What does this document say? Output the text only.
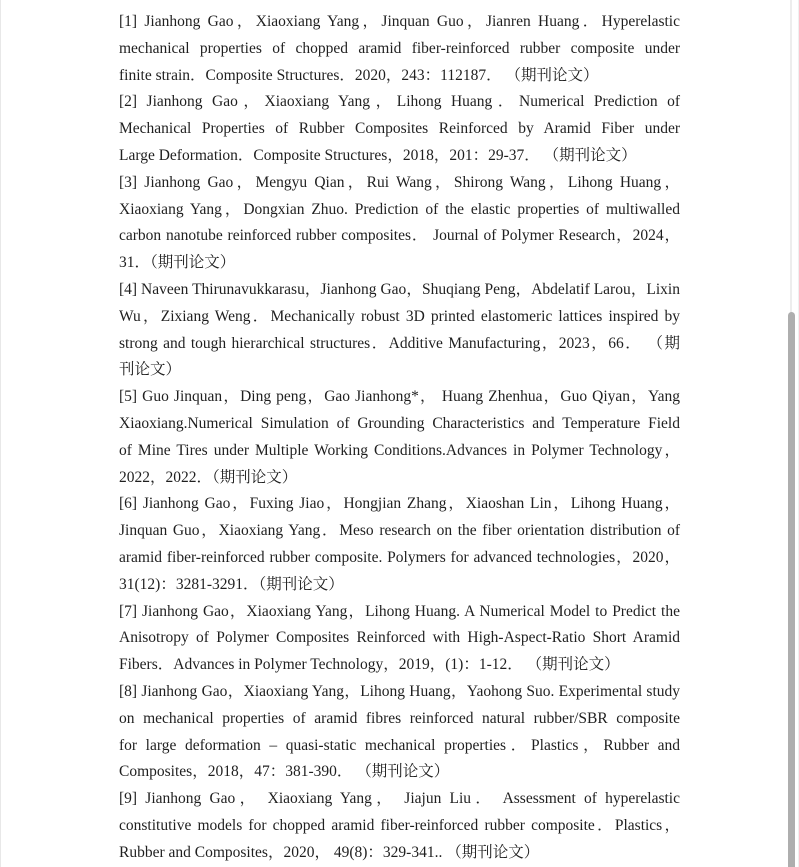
[1] Jianhong Gao，Xiaoxiang Yang，Jinquan Guo，Jianren Huang．Hyperelastic
mechanical properties of chopped aramid fiber-reinforced rubber composite under
finite strain．Composite Structures．2020，243：112187． （期刊论文）
[2] Jianhong Gao，Xiaoxiang Yang，Lihong Huang．Numerical Prediction of
Mechanical Properties of Rubber Composites Reinforced by Aramid Fiber under
Large Deformation．Composite Structures，2018，201：29-37． （期刊论文）
[3] Jianhong Gao，Mengyu Qian，Rui Wang，Shirong Wang，Lihong Huang，
Xiaoxiang Yang，Dongxian Zhuo. Prediction of the elastic properties of multiwalled
carbon nanotube reinforced rubber composites． Journal of Polymer Research，2024，
31．（期刊论文）
[4] Naveen Thirunavukkarasu，Jianhong Gao，Shuqiang Peng，Abdelatif Larou，Lixin
Wu，Zixiang Weng．Mechanically robust 3D printed elastomeric lattices inspired by
strong and tough hierarchical structures．Additive Manufacturing，2023，66． （期
刊论文）
[5] Guo Jinquan，Ding peng，Gao Jianhong*， Huang Zhenhua，Guo Qiyan，Yang
Xiaoxiang.Numerical Simulation of Grounding Characteristics and Temperature Field
of Mine Tires under Multiple Working Conditions.Advances in Polymer Technology，
2022，2022．（期刊论文）
[6] Jianhong Gao，Fuxing Jiao，Hongjian Zhang，Xiaoshan Lin，Lihong Huang，
Jinquan Guo，Xiaoxiang Yang．Meso research on the fiber orientation distribution of
aramid fiber-reinforced rubber composite. Polymers for advanced technologies，2020，
31(12)：3281-3291．（期刊论文）
[7] Jianhong Gao，Xiaoxiang Yang，Lihong Huang. A Numerical Model to Predict the
Anisotropy of Polymer Composites Reinforced with High-Aspect-Ratio Short Aramid
Fibers．Advances in Polymer Technology，2019，(1)：1-12． （期刊论文）
[8] Jianhong Gao，Xiaoxiang Yang，Lihong Huang，Yaohong Suo. Experimental study
on mechanical properties of aramid fibres reinforced natural rubber/SBR composite
for large deformation – quasi-static mechanical properties．Plastics，Rubber and
Composites，2018，47：381-390． （期刊论文）
[9] Jianhong Gao， Xiaoxiang Yang， Jiajun Liu． Assessment of hyperelastic
constitutive models for chopped aramid fiber-reinforced rubber composite．Plastics，
Rubber and Composites，2020， 49(8)：329-341.. （期刊论文）
